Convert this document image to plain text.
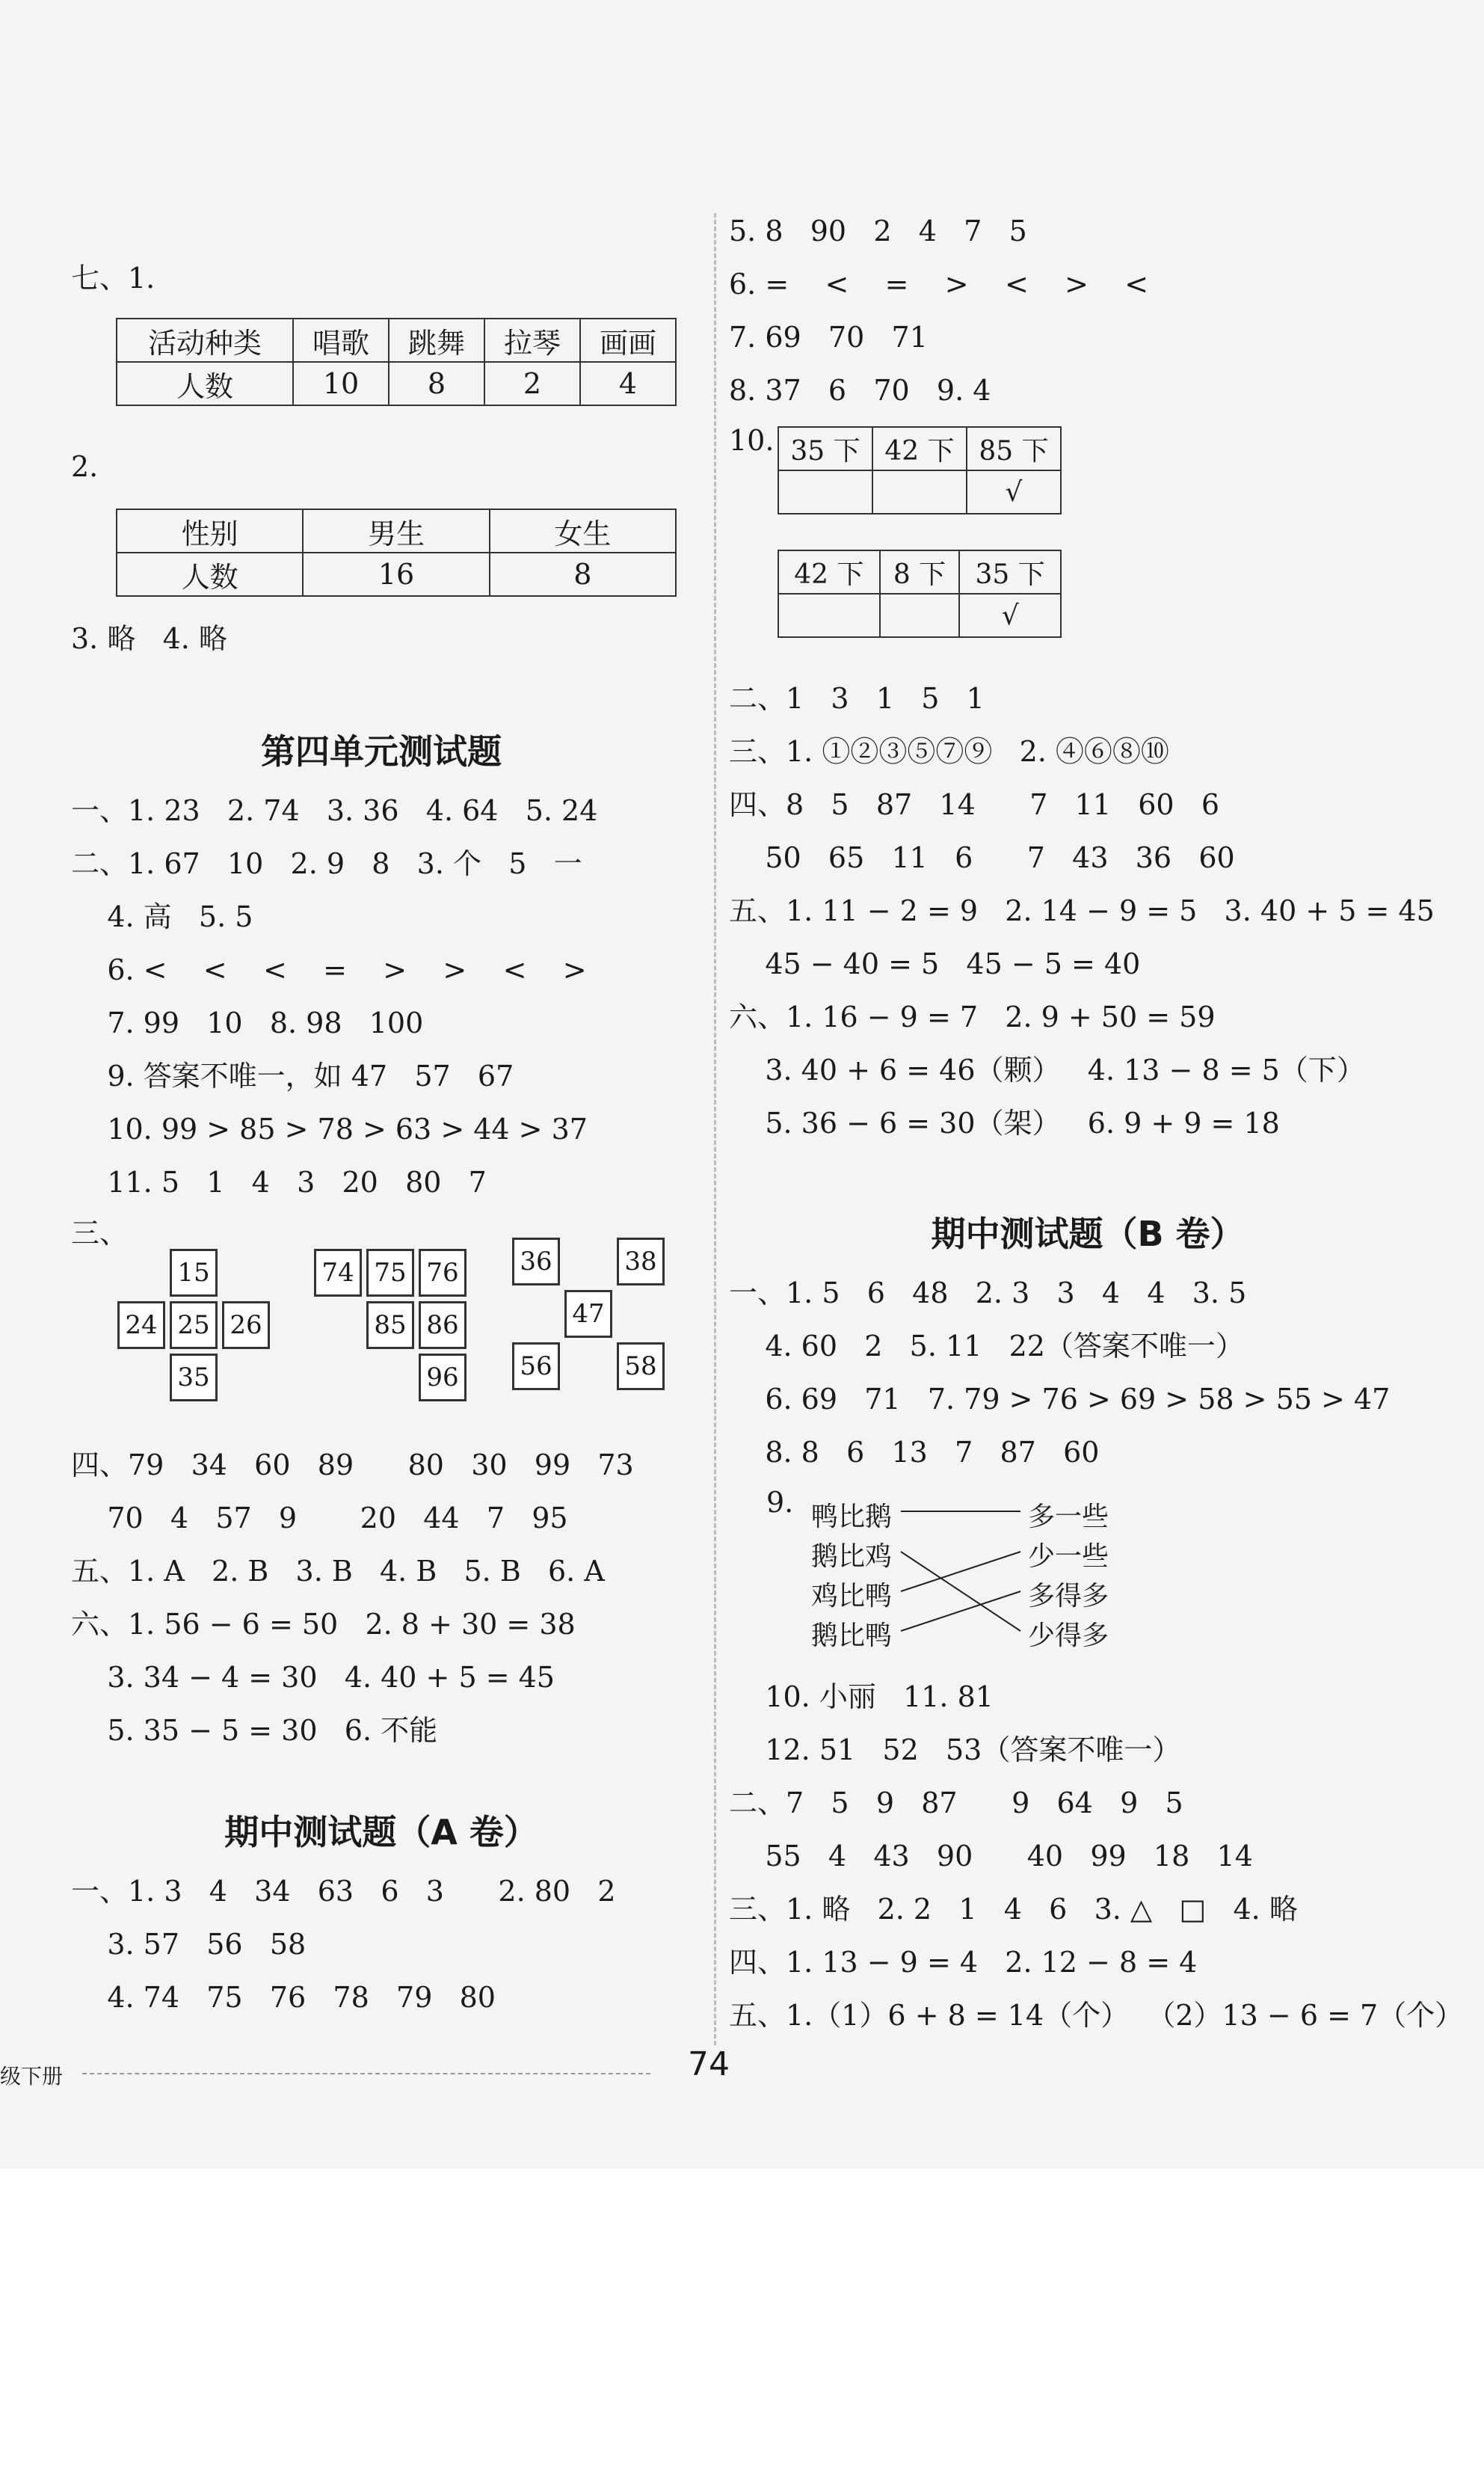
七、1.
活动种类	唱歌	跳舞	拉琴	画画
人数	10	8	2	4
2.
性别	男生	女生
人数	16	8
3. 略   4. 略
第四单元测试题
一、1. 23   2. 74   3. 36   4. 64   5. 24
二、1. 67   10   2. 9   8   3. 个   5   一
4. 高   5. 5
6. <    <    <    =    >    >    <    >
7. 99   10   8. 98   100
9. 答案不唯一，如 47   57   67
10. 99 > 85 > 78 > 63 > 44 > 37
11. 5   1   4   3   20   80   7
三、
15
24 25 26
35
74 75 76
85 86
96
36	38
47
56	58
四、79   34   60   89      80   30   99   73
70   4   57   9       20   44   7   95
五、1. A   2. B   3. B   4. B   5. B   6. A
六、1. 56 − 6 = 50   2. 8 + 30 = 38
3. 34 − 4 = 30   4. 40 + 5 = 45
5. 35 − 5 = 30   6. 不能
期中测试题（A 卷）
一、1. 3   4   34   63   6   3      2. 80   2
3. 57   56   58
4. 74   75   76   78   79   80
5. 8   90   2   4   7   5
6. =    <    =    >    <    >    <
7. 69   70   71
8. 37   6   70   9. 4
10. 35 下	42 下	85 下
		√
42 下	8 下	35 下
		√
二、1   3   1   5   1
三、1. ①②③⑤⑦⑨   2. ④⑥⑧⑩
四、8   5   87   14      7   11   60   6
50   65   11   6      7   43   36   60
五、1. 11 − 2 = 9   2. 14 − 9 = 5   3. 40 + 5 = 45
45 − 40 = 5   45 − 5 = 40
六、1. 16 − 9 = 7   2. 9 + 50 = 59
3. 40 + 6 = 46（颗）   4. 13 − 8 = 5（下）
5. 36 − 6 = 30（架）   6. 9 + 9 = 18
期中测试题（B 卷）
一、1. 5   6   48   2. 3   3   4   4   3. 5
4. 60   2   5. 11   22（答案不唯一）
6. 69   71   7. 79 > 76 > 69 > 58 > 55 > 47
8. 8   6   13   7   87   60
9. 鸭比鹅
鹅比鸡
鸡比鸭
鹅比鸭
多一些
少一些
多得多
少得多
10. 小丽   11. 81
12. 51   52   53（答案不唯一）
二、7   5   9   87      9   64   9   5
55   4   43   90      40   99   18   14
三、1. 略   2. 2   1   4   6   3. △   □   4. 略
四、1. 13 − 9 = 4   2. 12 − 8 = 4
五、1.（1）6 + 8 = 14（个）  （2）13 − 6 = 7（个）
级下册	74
